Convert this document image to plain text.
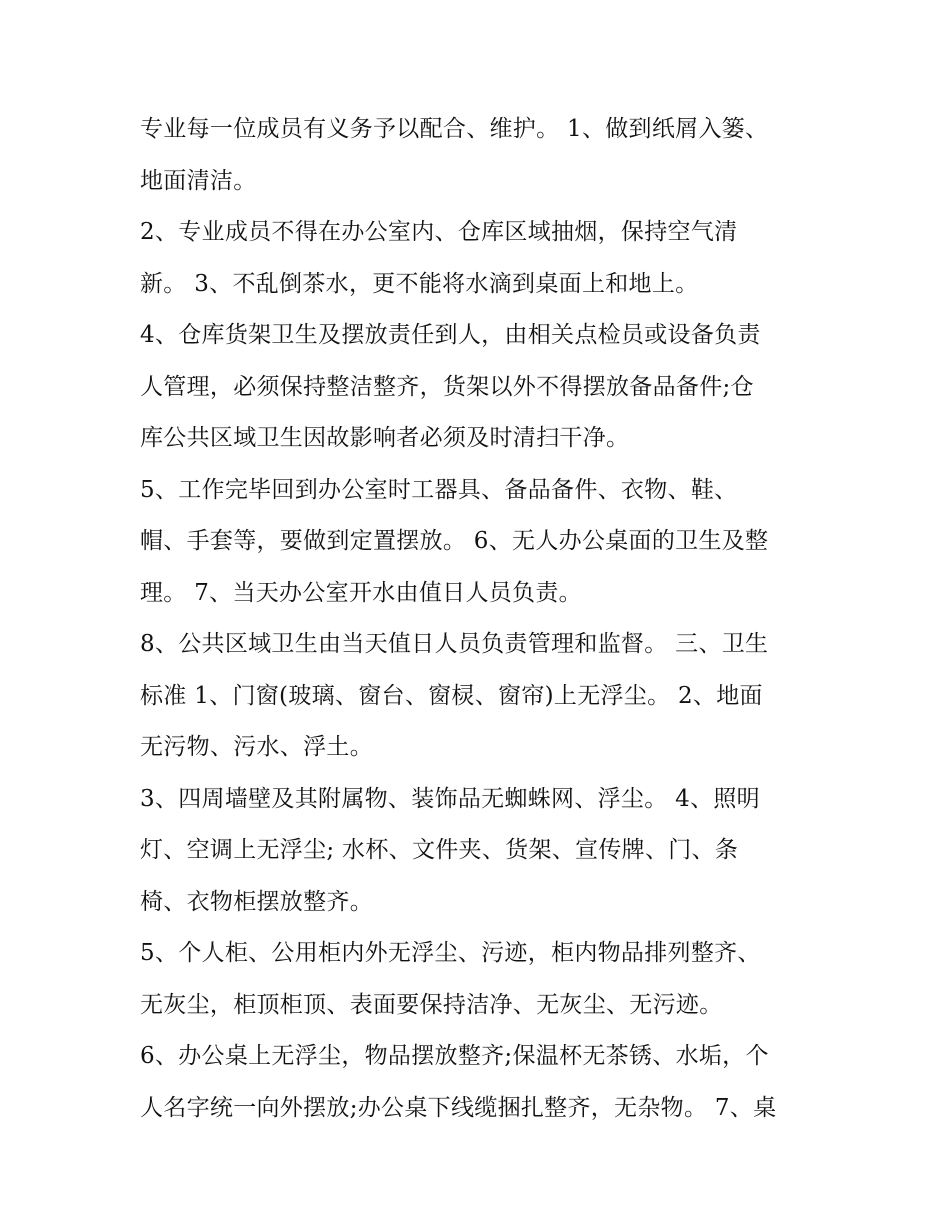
专业每一位成员有义务予以配合、维护。 1、做到纸屑入篓、
地面清洁。
2、专业成员不得在办公室内、仓库区域抽烟，保持空气清
新。 3、不乱倒茶水，更不能将水滴到桌面上和地上。
4、仓库货架卫生及摆放责任到人，由相关点检员或设备负责
人管理，必须保持整洁整齐，货架以外不得摆放备品备件;仓
库公共区域卫生因故影响者必须及时清扫干净。
5、工作完毕回到办公室时工器具、备品备件、衣物、鞋、
帽、手套等，要做到定置摆放。 6、无人办公桌面的卫生及整
理。 7、当天办公室开水由值日人员负责。
8、公共区域卫生由当天值日人员负责管理和监督。 三、卫生
标准 1、门窗(玻璃、窗台、窗棂、窗帘)上无浮尘。 2、地面
无污物、污水、浮土。
3、四周墙壁及其附属物、装饰品无蜘蛛网、浮尘。 4、照明
灯、空调上无浮尘; 水杯、文件夹、货架、宣传牌、门、条
椅、衣物柜摆放整齐。
5、个人柜、公用柜内外无浮尘、污迹，柜内物品排列整齐、
无灰尘，柜顶柜顶、表面要保持洁净、无灰尘、无污迹。
6、办公桌上无浮尘，物品摆放整齐;保温杯无茶锈、水垢，个
人名字统一向外摆放;办公桌下线缆捆扎整齐，无杂物。 7、桌
